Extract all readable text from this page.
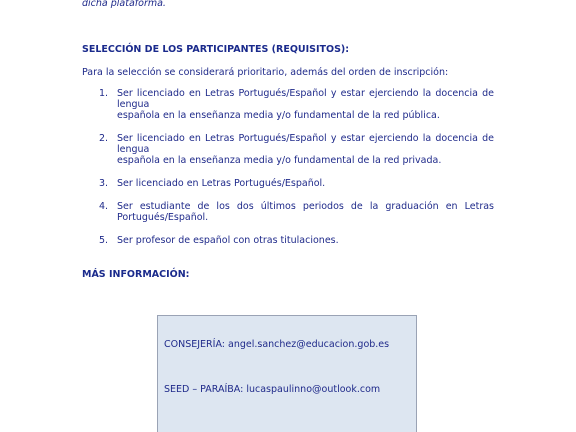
dicha plataforma.
SELECCIÓN DE LOS PARTICIPANTES (REQUISITOS):
Para la selección se considerará prioritario, además del orden de inscripción:
1. Ser licenciado en Letras Portugués/Español y estar ejerciendo la docencia de lengua
española en la enseñanza media y/o fundamental de la red pública.
2. Ser licenciado en Letras Portugués/Español y estar ejerciendo la docencia de lengua
española en la enseñanza media y/o fundamental de la red privada.
3. Ser licenciado en Letras Portugués/Español.
4. Ser estudiante de los dos últimos periodos de la graduación en Letras Portugués/Español.
5. Ser profesor de español con otras titulaciones.
MÁS INFORMACIÓN:
CONSEJERÍA: angel.sanchez@educacion.gob.es
SEED – PARAÍBA: lucaspaulinno@outlook.com
